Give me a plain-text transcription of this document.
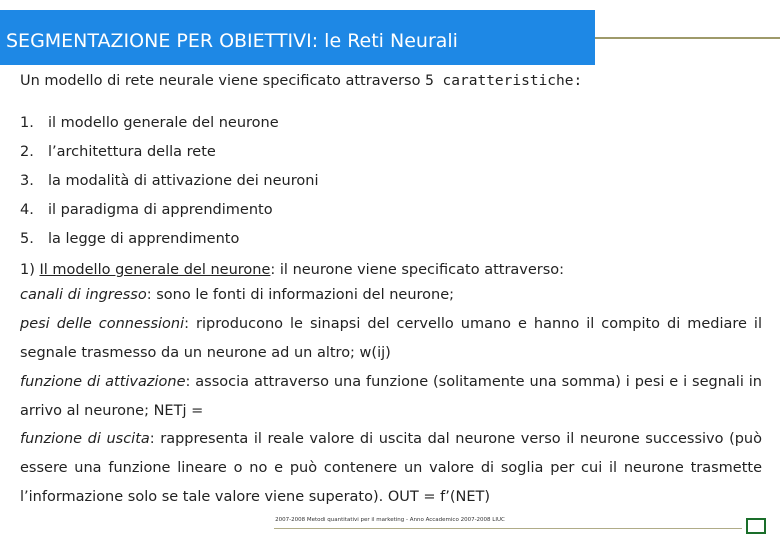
SEGMENTAZIONE PER OBIETTIVI: le Reti Neurali
Un modello di rete neurale viene specificato attraverso 5 caratteristiche:
1. il modello generale del neurone
2. l’architettura della rete
3. la modalità di attivazione dei neuroni
4. il paradigma di apprendimento
5. la legge di apprendimento
1) Il modello generale del neurone: il neurone viene specificato attraverso:
canali di ingresso: sono le fonti di informazioni del neurone;
pesi delle connessioni: riproducono le sinapsi del cervello umano e hanno il compito di mediare il segnale trasmesso da un neurone ad un altro; w(ij)
funzione di attivazione: associa attraverso una funzione (solitamente una somma) i pesi e i segnali in arrivo al neurone; NETj =
funzione di uscita: rappresenta il reale valore di uscita dal neurone verso il neurone successivo (può essere una funzione lineare o no e può contenere un valore di soglia per cui il neurone trasmette l’informazione solo se tale valore viene superato). OUT = f’(NET)
2007-2008 Metodi quantitativi per il marketing - Anno Accademico 2007-2008 LIUC
